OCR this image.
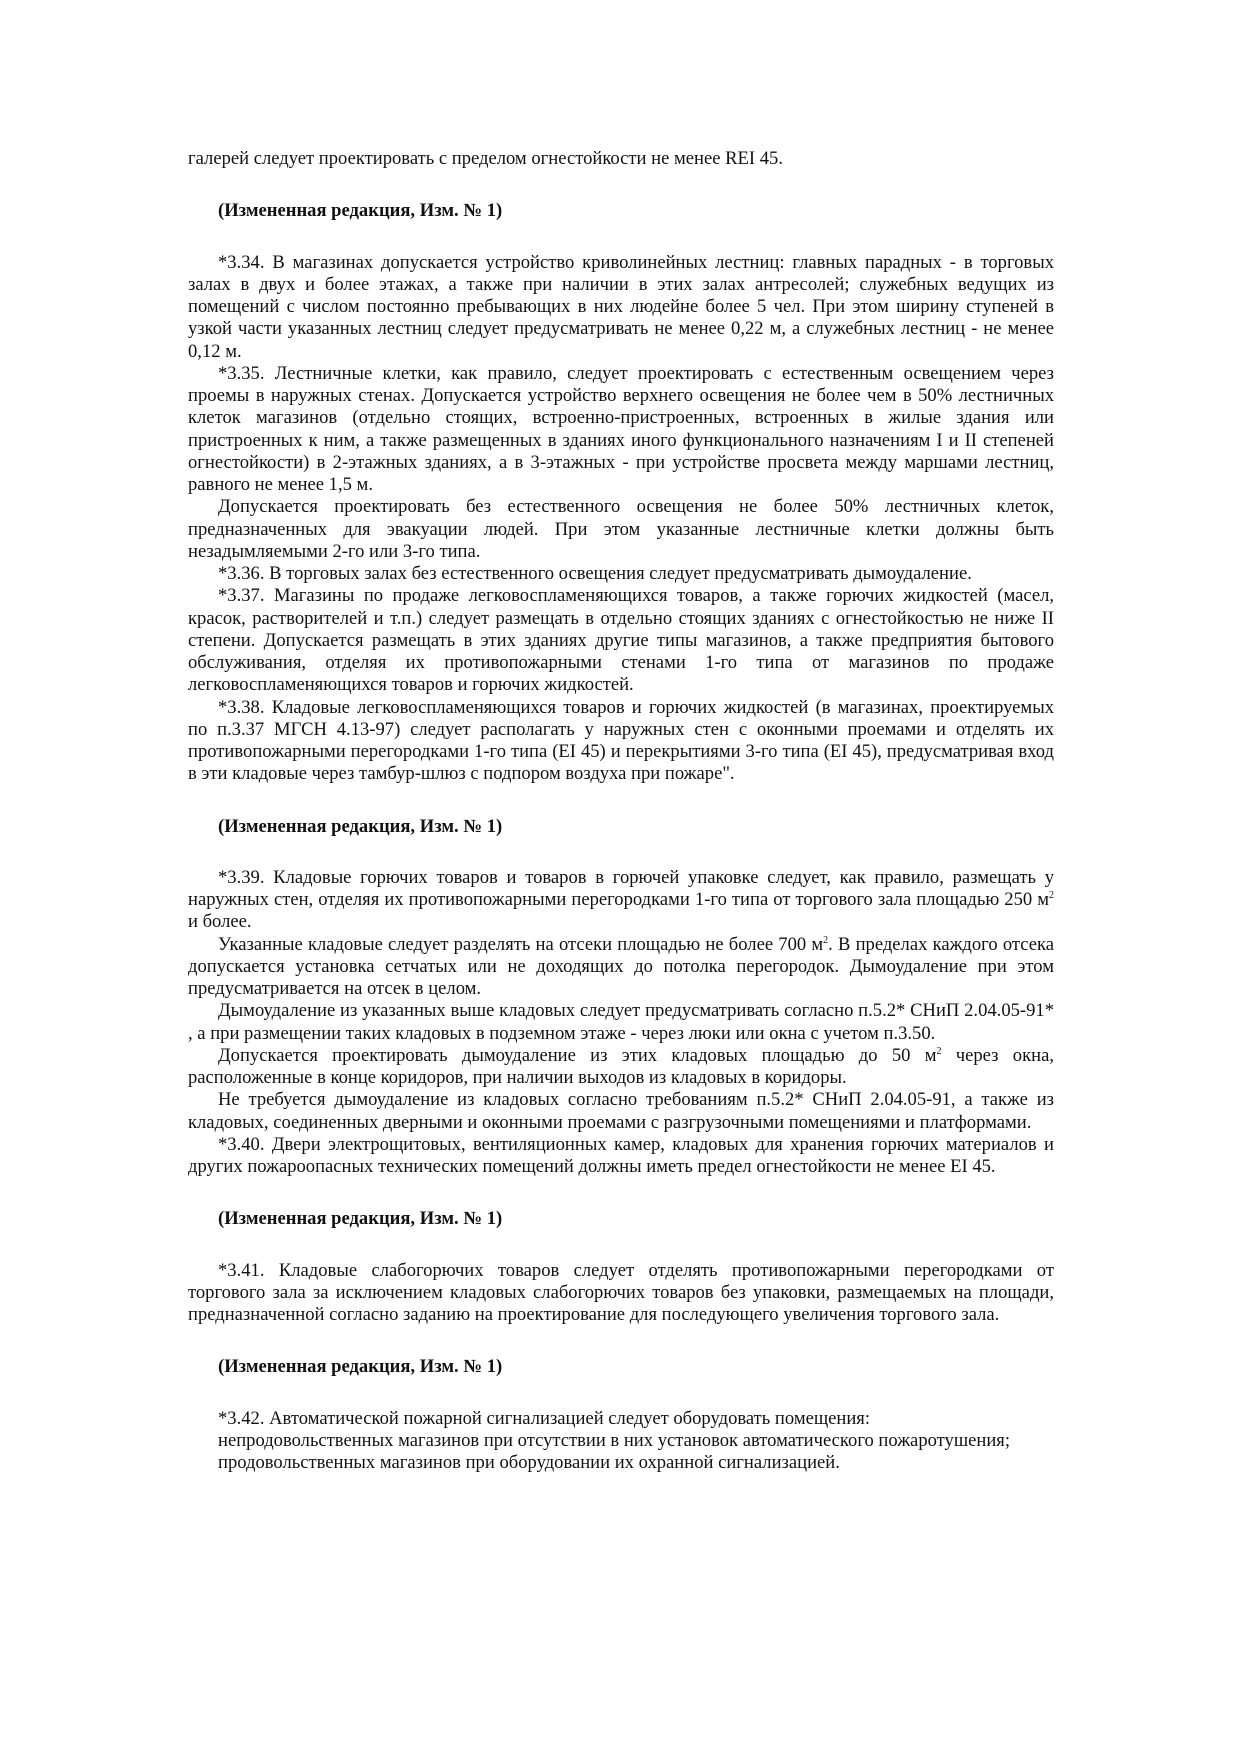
галерей следует проектировать с пределом огнестойкости не менее REI 45.

(Измененная редакция, Изм. № 1)

*3.34. В магазинах допускается устройство криволинейных лестниц: главных парадных - в торговых залах в двух и более этажах, а также при наличии в этих залах антресолей; служебных ведущих из помещений с числом постоянно пребывающих в них людейне более 5 чел. При этом ширину ступеней в узкой части указанных лестниц следует предусматривать не менее 0,22 м, а служебных лестниц - не менее 0,12 м.

*3.35. Лестничные клетки, как правило, следует проектировать с естественным освещением через проемы в наружных стенах. Допускается устройство верхнего освещения не более чем в 50% лестничных клеток магазинов (отдельно стоящих, встроенно-пристроенных, встроенных в жилые здания или пристроенных к ним, а также размещенных в зданиях иного функционального назначениям I и II степеней огнестойкости) в 2-этажных зданиях, а в 3-этажных - при устройстве просвета между маршами лестниц, равного не менее 1,5 м.

Допускается проектировать без естественного освещения не более 50% лестничных клеток, предназначенных для эвакуации людей. При этом указанные лестничные клетки должны быть незадымляемыми 2-го или 3-го типа.

*3.36. В торговых залах без естественного освещения следует предусматривать дымоудаление.

*3.37. Магазины по продаже легковоспламеняющихся товаров, а также горючих жидкостей (масел, красок, растворителей и т.п.) следует размещать в отдельно стоящих зданиях с огнестойкостью не ниже II степени. Допускается размещать в этих зданиях другие типы магазинов, а также предприятия бытового обслуживания, отделяя их противопожарными стенами 1-го типа от магазинов по продаже легковоспламеняющихся товаров и горючих жидкостей.

*3.38. Кладовые легковоспламеняющихся товаров и горючих жидкостей (в магазинах, проектируемых по п.3.37 МГСН 4.13-97) следует располагать у наружных стен с оконными проемами и отделять их противопожарными перегородками 1-го типа (EI 45) и перекрытиями 3-го типа (EI 45), предусматривая вход в эти кладовые через тамбур-шлюз с подпором воздуха при пожаре".

(Измененная редакция, Изм. № 1)

*3.39. Кладовые горючих товаров и товаров в горючей упаковке следует, как правило, размещать у наружных стен, отделяя их противопожарными перегородками 1-го типа от торгового зала площадью 250 $м^2$ и более.

Указанные кладовые следует разделять на отсеки площадью не более 700 $м^2$. В пределах каждого отсека допускается установка сетчатых или не доходящих до потолка перегородок. Дымоудаление при этом предусматривается на отсек в целом.

Дымоудаление из указанных выше кладовых следует предусматривать согласно п.5.2* СНиП 2.04.05-91* , а при размещении таких кладовых в подземном этаже - через люки или окна с учетом п.3.50.

Допускается проектировать дымоудаление из этих кладовых площадью до 50 $м^2$ через окна, расположенные в конце коридоров, при наличии выходов из кладовых в коридоры.

Не требуется дымоудаление из кладовых согласно требованиям п.5.2* СНиП 2.04.05-91, а также из кладовых, соединенных дверными и оконными проемами с разгрузочными помещениями и платформами.

*3.40. Двери электрощитовых, вентиляционных камер, кладовых для хранения горючих материалов и других пожароопасных технических помещений должны иметь предел огнестойкости не менее EI 45.

(Измененная редакция, Изм. № 1)

*3.41. Кладовые слабогорючих товаров следует отделять противопожарными перегородками от торгового зала за исключением кладовых слабогорючих товаров без упаковки, размещаемых на площади, предназначенной согласно заданию на проектирование для последующего увеличения торгового зала.

(Измененная редакция, Изм. № 1)

*3.42. Автоматической пожарной сигнализацией следует оборудовать помещения:

непродовольственных магазинов при отсутствии в них установок автоматического пожаротушения;

продовольственных магазинов при оборудовании их охранной сигнализацией.
